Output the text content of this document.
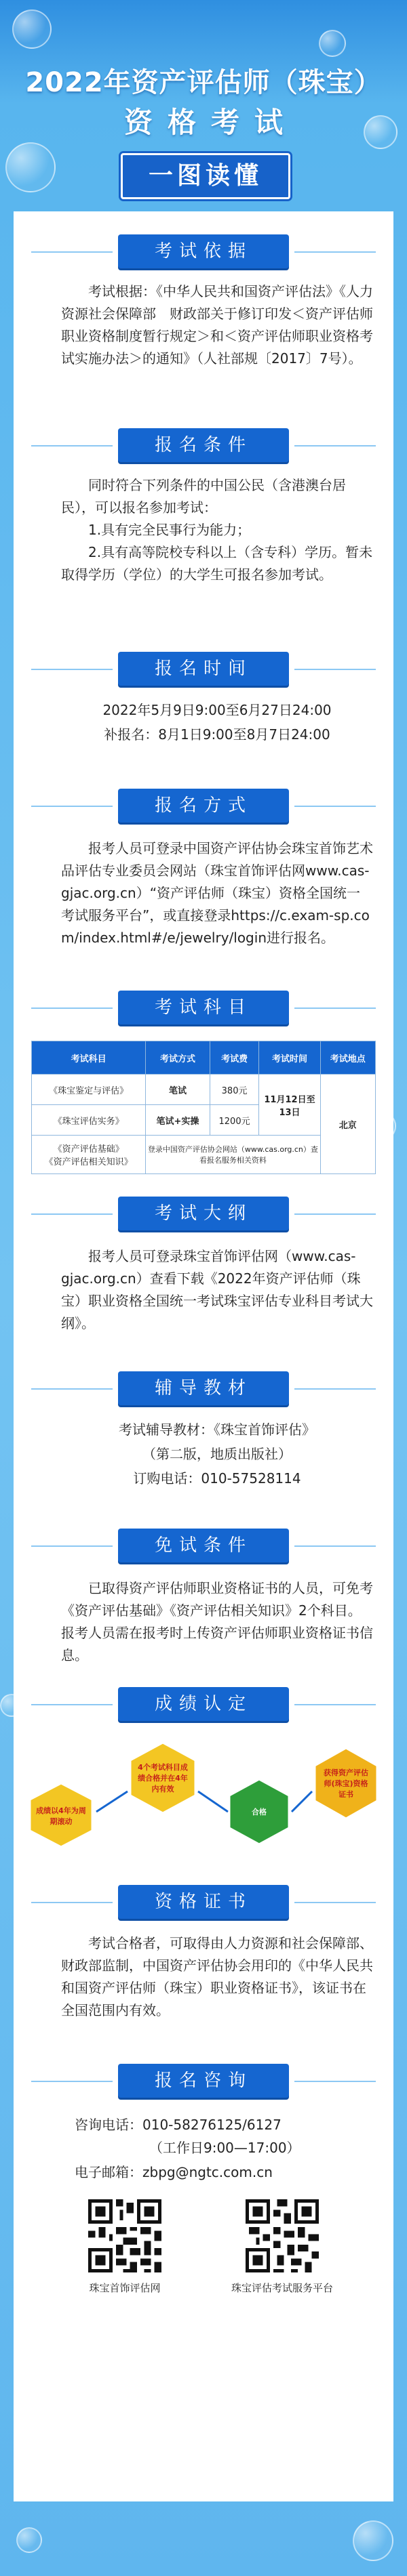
2022年资产评估师（珠宝）
资格考试
一图读懂
考试依据
考试根据：《中华人民共和国资产评估法》《人力资源社会保障部　财政部关于修订印发＜资产评估师职业资格制度暂行规定＞和＜资产评估师职业资格考试实施办法＞的通知》（人社部规〔2017〕7号）。
报名条件
同时符合下列条件的中国公民（含港澳台居民），可以报名参加考试：
1.具有完全民事行为能力；
2.具有高等院校专科以上（含专科）学历。暂未取得学历（学位）的大学生可报名参加考试。
报名时间
2022年5月9日9:00至6月27日24:00
补报名：8月1日9:00至8月7日24:00
报名方式
报考人员可登录中国资产评估协会珠宝首饰艺术品评估专业委员会网站（珠宝首饰评估网www.cas-gjac.org.cn）“资产评估师（珠宝）资格全国统一考试服务平台”，或直接登录https://c.exam-sp.com/index.html#/e/jewelry/login进行报名。
考试科目
考试科目	考试方式	考试费	考试时间	考试地点
《珠宝鉴定与评估》	笔试	380元	11月12日至13日	北京
《珠宝评估实务》	笔试+实操	1200元		
《资产评估基础》
《资产评估相关知识》	登录中国资产评估协会网站（www.cas.org.cn）查看报名服务相关资料			
考试大纲
报考人员可登录珠宝首饰评估网（www.cas-gjac.org.cn）查看下载《2022年资产评估师（珠宝）职业资格全国统一考试珠宝评估专业科目考试大纲》。
辅导教材
考试辅导教材：《珠宝首饰评估》
（第二版，地质出版社）
订购电话：010-57528114
免试条件
已取得资产评估师职业资格证书的人员，可免考《资产评估基础》《资产评估相关知识》2个科目。报考人员需在报考时上传资产评估师职业资格证书信息。
成绩认定
成绩以4年为周期滚动
4个考试科目成绩合格并在4年内有效
合格
获得资产评估师(珠宝)资格证书
资格证书
考试合格者，可取得由人力资源和社会保障部、财政部监制，中国资产评估协会用印的《中华人民共和国资产评估师（珠宝）职业资格证书》，该证书在全国范围内有效。
报名咨询
咨询电话：010-58276125/6127
（工作日9:00—17:00）
电子邮箱：zbpg@ngtc.com.cn
珠宝首饰评估网	珠宝评估考试服务平台
